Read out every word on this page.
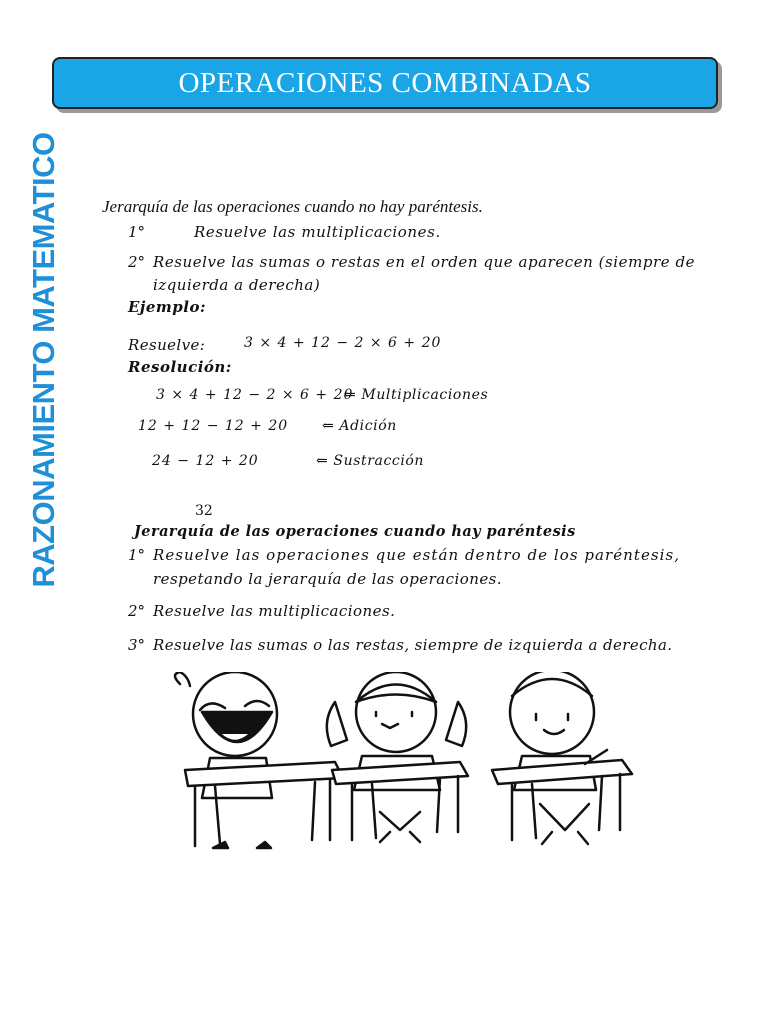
OPERACIONES COMBINADAS
RAZONAMIENTO MATEMATICO Jerarquía de las operaciones cuando no hay paréntesis.
1°	Resuelve las multiplicaciones.
2° Resuelve las sumas o restas en el orden que aparecen (siempre de
izquierda a derecha)
Ejemplo:
Resuelve:	3 × 4 + 12 − 2 × 6 + 20
Resolución:
3 × 4 + 12 − 2 × 6 + 20
⇐ Multiplicaciones
12 + 12 − 12 + 20 ⇐ Adición
24 − 12 + 20	⇐ Sustracción
32
Jerarquía de las operaciones cuando hay paréntesis
1° Resuelve las operaciones que están dentro de los paréntesis,
respetando la jerarquía de las operaciones.
2° Resuelve las multiplicaciones.
3° Resuelve las sumas o las restas, siempre de izquierda a derecha.
